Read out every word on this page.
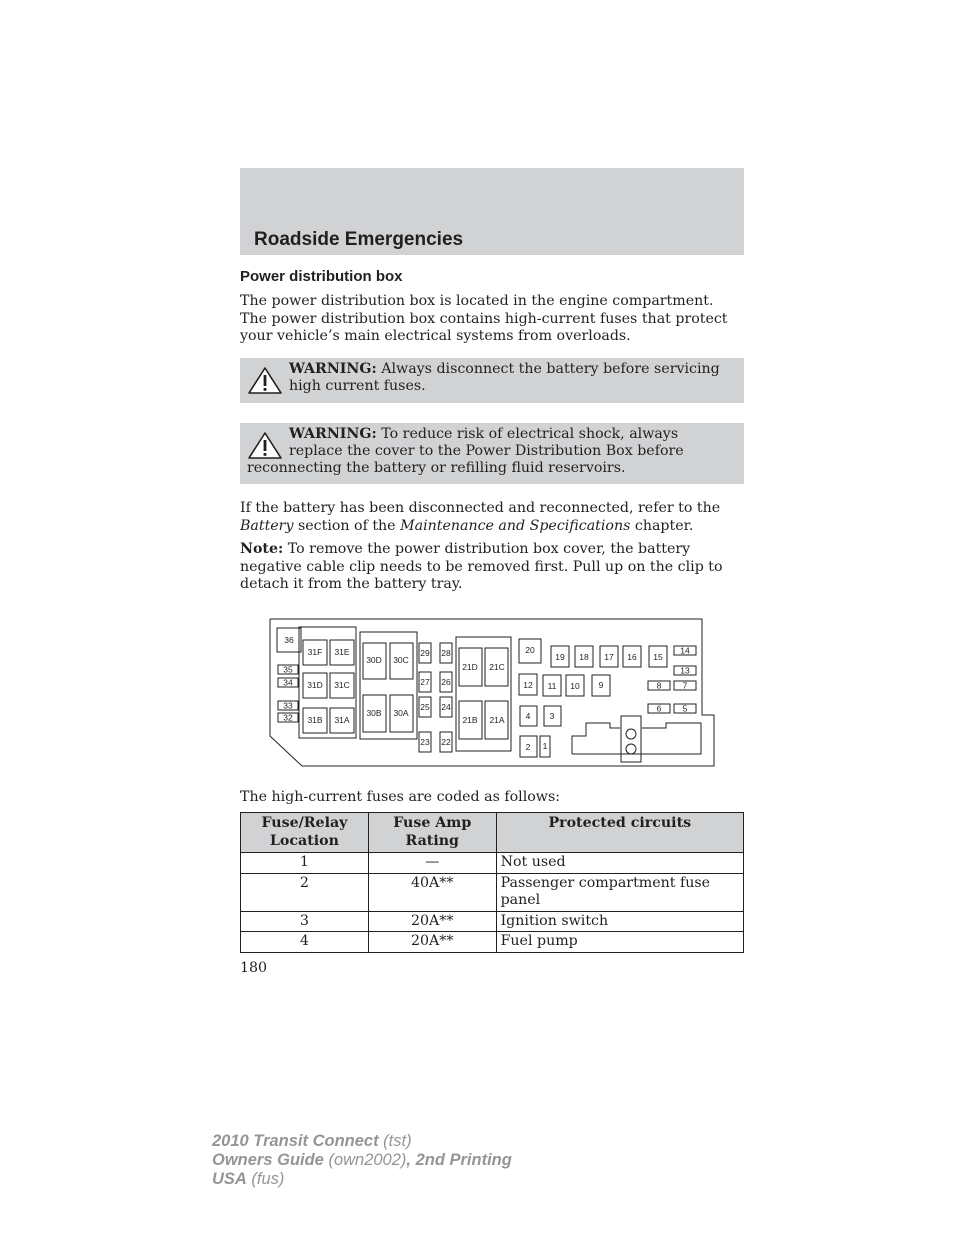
Roadside Emergencies
Power distribution box
The power distribution box is located in the engine compartment. The power distribution box contains high-current fuses that protect your vehicle’s main electrical systems from overloads.
WARNING: Always disconnect the battery before servicing high current fuses.
WARNING: To reduce risk of electrical shock, always replace the cover to the Power Distribution Box before reconnecting the battery or refilling fluid reservoirs.
If the battery has been disconnected and reconnected, refer to the Battery section of the Maintenance and Specifications chapter.
Note: To remove the power distribution box cover, the battery negative cable clip needs to be removed first. Pull up on the clip to detach it from the battery tray.
36
35
34
33
32
31F 31E
31D 31C
31B 31A
30D 30C
30B 30A
29 28
27 26
25 24
23 22
21D 21C
21B 21A
20
19 18 17 16 15
14
13
12 11 10 9	8	7
6	5
4 3
2 1
The high-current fuses are coded as follows:
Fuse/Relay Location	Fuse Amp Rating	Protected circuits
1	—	Not used
2	40A**	Passenger compartment fuse panel
3	20A**	Ignition switch
4	20A**	Fuel pump
180
2010 Transit Connect (tst)
Owners Guide (own2002), 2nd Printing
USA (fus)
